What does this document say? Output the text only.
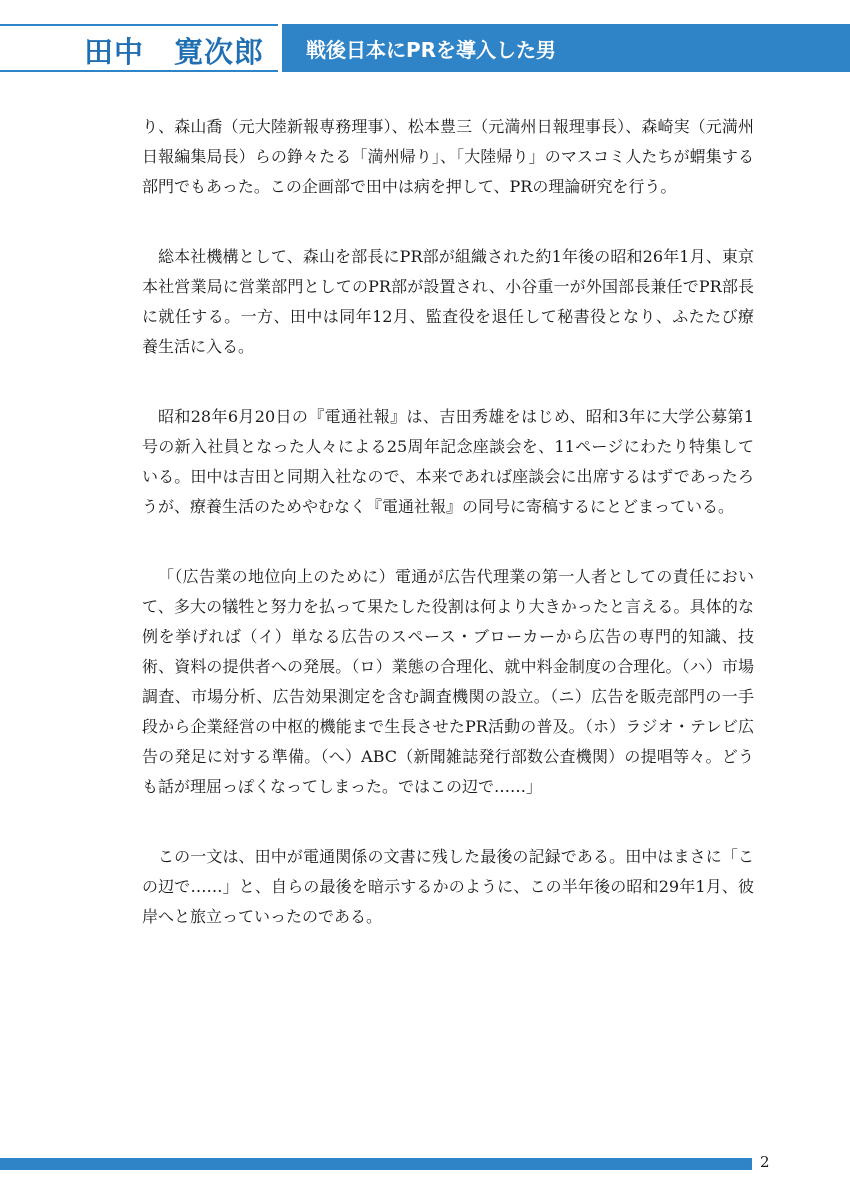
田中　寛次郎 戦後日本にPRを導入した男

り、森山喬（元大陸新報専務理事）、松本豊三（元満州日報理事長）、森崎実（元満州日報編集局長）らの錚々たる「満州帰り」、「大陸帰り」のマスコミ人たちが蝟集する部門でもあった。この企画部で田中は病を押して、PRの理論研究を行う。

総本社機構として、森山を部長にPR部が組織された約1年後の昭和26年1月、東京本社営業局に営業部門としてのPR部が設置され、小谷重一が外国部長兼任でPR部長に就任する。一方、田中は同年12月、監査役を退任して秘書役となり、ふたたび療養生活に入る。

昭和28年6月20日の『電通社報』は、吉田秀雄をはじめ、昭和3年に大学公募第1号の新入社員となった人々による25周年記念座談会を、11ページにわたり特集している。田中は吉田と同期入社なので、本来であれば座談会に出席するはずであったろうが、療養生活のためやむなく『電通社報』の同号に寄稿するにとどまっている。

「（広告業の地位向上のために）電通が広告代理業の第一人者としての責任において、多大の犠牲と努力を払って果たした役割は何より大きかったと言える。具体的な例を挙げれば（イ）単なる広告のスペース・ブローカーから広告の専門的知識、技術、資料の提供者への発展。（ロ）業態の合理化、就中料金制度の合理化。（ハ）市場調査、市場分析、広告効果測定を含む調査機関の設立。（ニ）広告を販売部門の一手段から企業経営の中枢的機能まで生長させたPR活動の普及。（ホ）ラジオ・テレビ広告の発足に対する準備。（へ）ABC（新聞雑誌発行部数公査機関）の提唱等々。どうも話が理屈っぽくなってしまった。ではこの辺で……」

この一文は、田中が電通関係の文書に残した最後の記録である。田中はまさに「この辺で……」と、自らの最後を暗示するかのように、この半年後の昭和29年1月、彼岸へと旅立っていったのである。

2
